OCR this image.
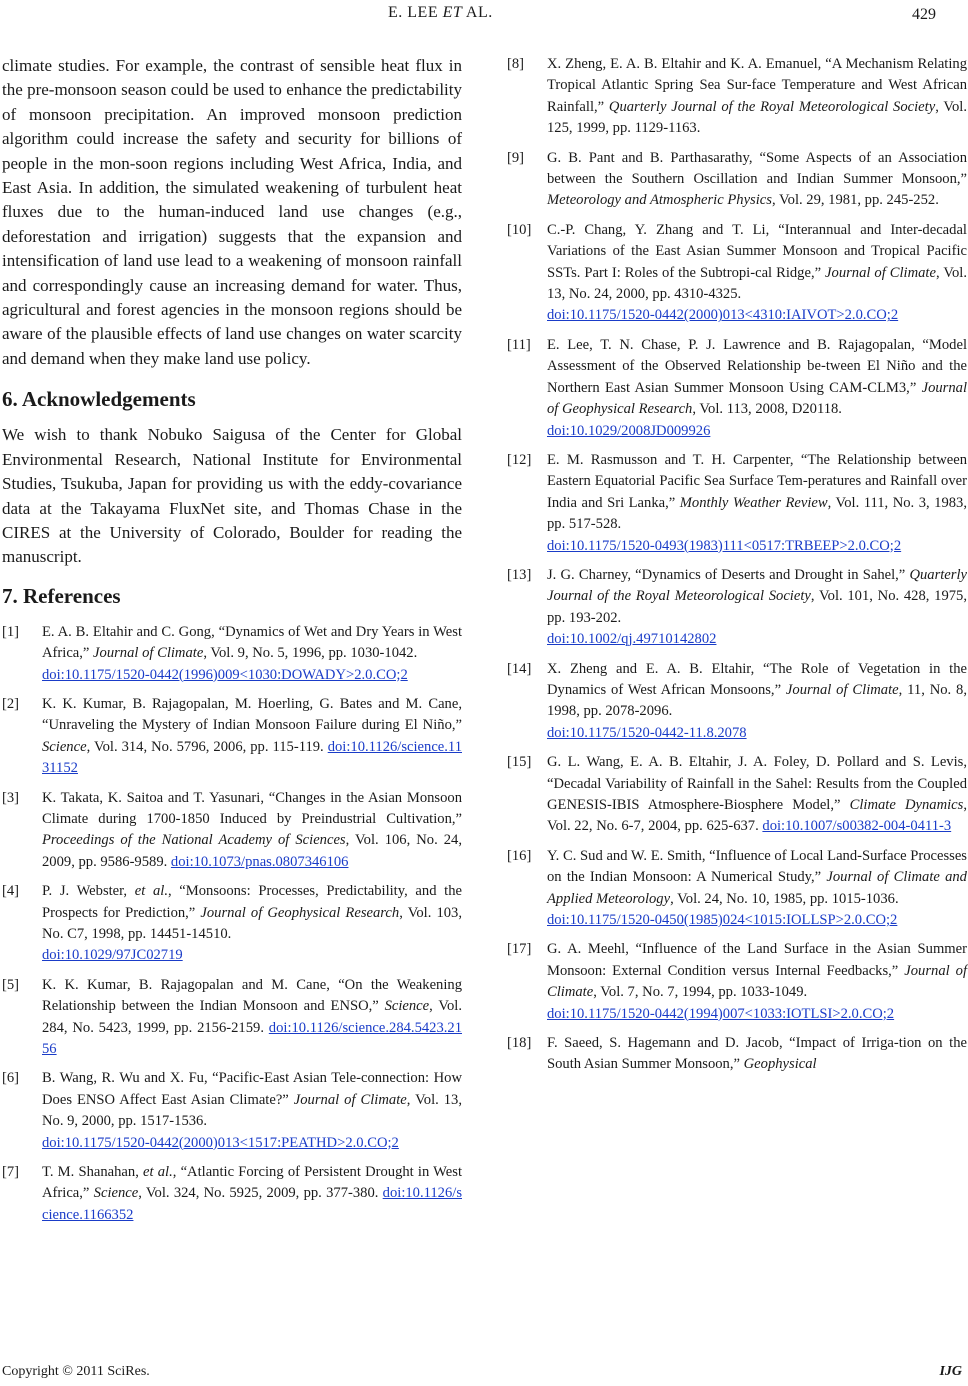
E. LEE ET AL.	429

climate studies. For example, the contrast of sensible heat flux in the pre-monsoon season could be used to enhance the predictability of monsoon precipitation. An improved monsoon prediction algorithm could increase the safety and security for billions of people in the mon-soon regions including West Africa, India, and East Asia. In addition, the simulated weakening of turbulent heat fluxes due to the human-induced land use changes (e.g., deforestation and irrigation) suggests that the expansion and intensification of land use lead to a weakening of monsoon rainfall and correspondingly cause an increasing demand for water. Thus, agricultural and forest agencies in the monsoon regions should be aware of the plausible effects of land use changes on water scarcity and demand when they make land use policy.

6. Acknowledgements

We wish to thank Nobuko Saigusa of the Center for Global Environmental Research, National Institute for Environmental Studies, Tsukuba, Japan for providing us with the eddy-covariance data at the Takayama FluxNet site, and Thomas Chase in the CIRES at the University of Colorado, Boulder for reading the manuscript.

7. References
[1]	E. A. B. Eltahir and C. Gong, “Dynamics of Wet and Dry Years in West Africa,” Journal of Climate, Vol. 9, No. 5, 1996, pp. 1030-1042.
doi:10.1175/1520-0442(1996)009<1030:DOWADY>2.0.CO;2
[2]	K. K. Kumar, B. Rajagopalan, M. Hoerling, G. Bates and M. Cane, “Unraveling the Mystery of Indian Monsoon Failure during El Niño,” Science, Vol. 314, No. 5796, 2006, pp. 115-119. doi:10.1126/science.1131152
[3]	K. Takata, K. Saitoa and T. Yasunari, “Changes in the Asian Monsoon Climate during 1700-1850 Induced by Preindustrial Cultivation,” Proceedings of the National Academy of Sciences, Vol. 106, No. 24, 2009, pp. 9586-9589. doi:10.1073/pnas.0807346106
[4]	P. J. Webster, et al., “Monsoons: Processes, Predictability, and the Prospects for Prediction,” Journal of Geophysical Research, Vol. 103, No. C7, 1998, pp. 14451-14510.
doi:10.1029/97JC02719
[5]	K. K. Kumar, B. Rajagopalan and M. Cane, “On the Weakening Relationship between the Indian Monsoon and ENSO,” Science, Vol. 284, No. 5423, 1999, pp. 2156-2159. doi:10.1126/science.284.5423.2156
[6]	B. Wang, R. Wu and X. Fu, “Pacific-East Asian Tele-connection: How Does ENSO Affect East Asian Climate?” Journal of Climate, Vol. 13, No. 9, 2000, pp. 1517-1536.
doi:10.1175/1520-0442(2000)013<1517:PEATHD>2.0.CO;2
[7]	T. M. Shanahan, et al., “Atlantic Forcing of Persistent Drought in West Africa,” Science, Vol. 324, No. 5925, 2009, pp. 377-380. doi:10.1126/science.1166352
[8]	X. Zheng, E. A. B. Eltahir and K. A. Emanuel, “A Mechanism Relating Tropical Atlantic Spring Sea Sur-face Temperature and West African Rainfall,” Quarterly Journal of the Royal Meteorological Society, Vol. 125, 1999, pp. 1129-1163.
[9]	G. B. Pant and B. Parthasarathy, “Some Aspects of an Association between the Southern Oscillation and Indian Summer Monsoon,” Meteorology and Atmospheric Physics, Vol. 29, 1981, pp. 245-252.
[10]	C.-P. Chang, Y. Zhang and T. Li, “Interannual and Inter-decadal Variations of the East Asian Summer Monsoon and Tropical Pacific SSTs. Part I: Roles of the Subtropi-cal Ridge,” Journal of Climate, Vol. 13, No. 24, 2000, pp. 4310-4325.
doi:10.1175/1520-0442(2000)013<4310:IAIVOT>2.0.CO;2
[11]	E. Lee, T. N. Chase, P. J. Lawrence and B. Rajagopalan, “Model Assessment of the Observed Relationship be-tween El Niño and the Northern East Asian Summer Monsoon Using CAM-CLM3,” Journal of Geophysical Research, Vol. 113, 2008, D20118.
doi:10.1029/2008JD009926
[12]	E. M. Rasmusson and T. H. Carpenter, “The Relationship between Eastern Equatorial Pacific Sea Surface Tem-peratures and Rainfall over India and Sri Lanka,” Monthly Weather Review, Vol. 111, No. 3, 1983, pp. 517-528.
doi:10.1175/1520-0493(1983)111<0517:TRBEEP>2.0.CO;2
[13]	J. G. Charney, “Dynamics of Deserts and Drought in Sahel,” Quarterly Journal of the Royal Meteorological Society, Vol. 101, No. 428, 1975, pp. 193-202.
doi:10.1002/qj.49710142802
[14]	X. Zheng and E. A. B. Eltahir, “The Role of Vegetation in the Dynamics of West African Monsoons,” Journal of Climate, 11, No. 8, 1998, pp. 2078-2096.
doi:10.1175/1520-0442-11.8.2078
[15]	G. L. Wang, E. A. B. Eltahir, J. A. Foley, D. Pollard and S. Levis, “Decadal Variability of Rainfall in the Sahel: Results from the Coupled GENESIS-IBIS Atmosphere-Biosphere Model,” Climate Dynamics, Vol. 22, No. 6-7, 2004, pp. 625-637. doi:10.1007/s00382-004-0411-3
[16]	Y. C. Sud and W. E. Smith, “Influence of Local Land-Surface Processes on the Indian Monsoon: A Numerical Study,” Journal of Climate and Applied Meteorology, Vol. 24, No. 10, 1985, pp. 1015-1036.
doi:10.1175/1520-0450(1985)024<1015:IOLLSP>2.0.CO;2
[17]	G. A. Meehl, “Influence of the Land Surface in the Asian Summer Monsoon: External Condition versus Internal Feedbacks,” Journal of Climate, Vol. 7, No. 7, 1994, pp. 1033-1049.
doi:10.1175/1520-0442(1994)007<1033:IOTLSI>2.0.CO;2
[18]	F. Saeed, S. Hagemann and D. Jacob, “Impact of Irriga-tion on the South Asian Summer Monsoon,” Geophysical
Copyright © 2011 SciRes.	IJG
